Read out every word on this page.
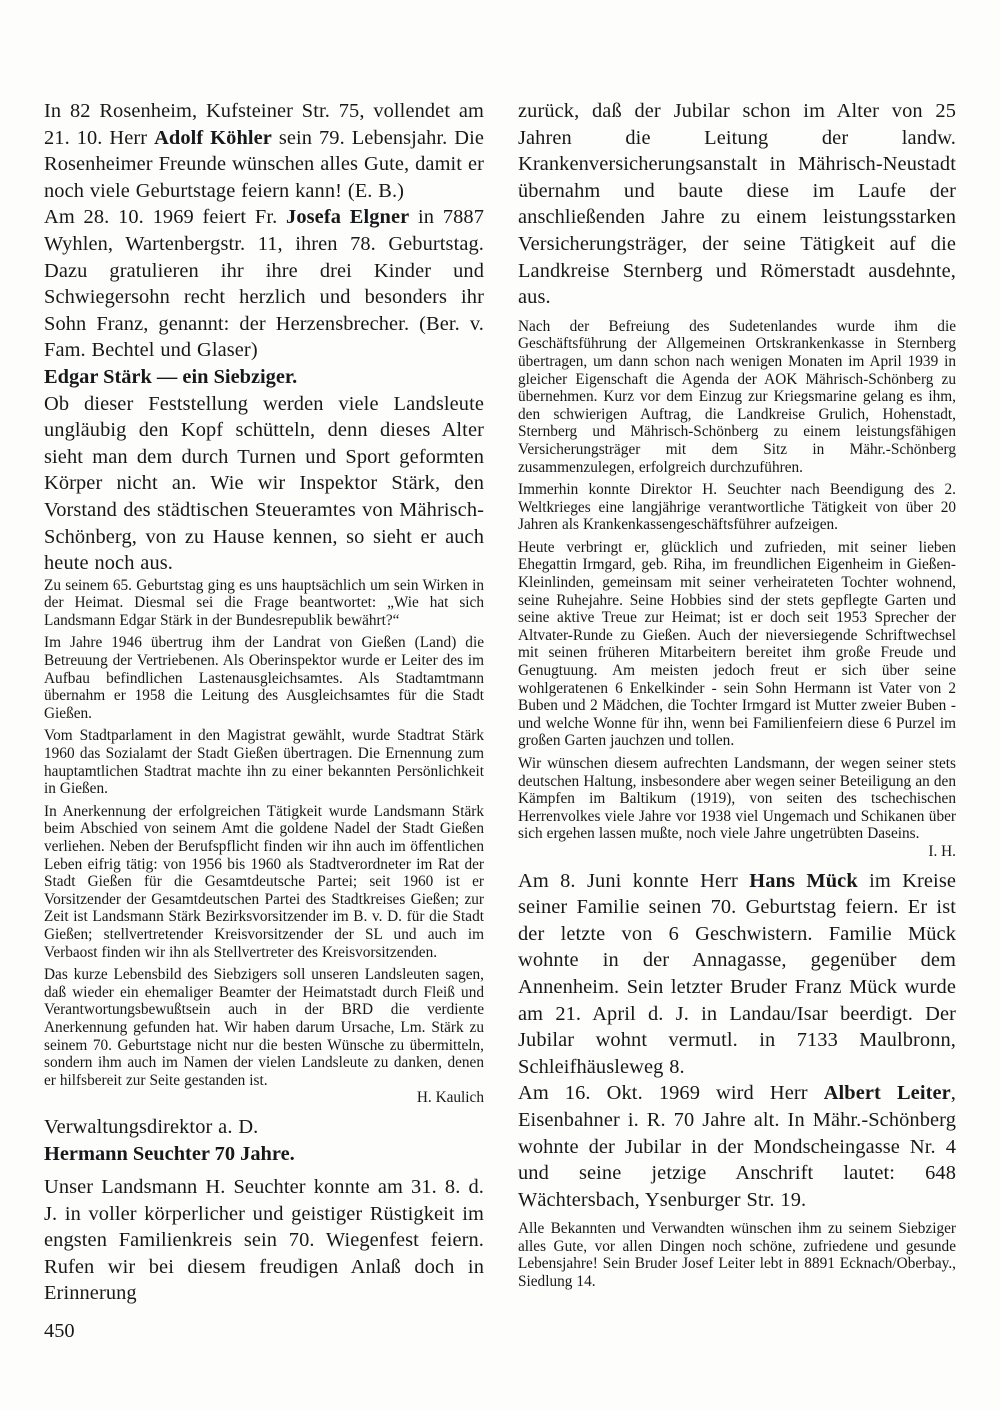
In 82 Rosenheim, Kufsteiner Str. 75, vollendet am 21. 10. Herr Adolf Köhler sein 79. Lebensjahr. Die Rosenheimer Freunde wünschen alles Gute, damit er noch viele Geburtstage feiern kann! (E. B.)

Am 28. 10. 1969 feiert Fr. Josefa Elgner in 7887 Wyhlen, Wartenbergstr. 11, ihren 78. Geburtstag. Dazu gratulieren ihr ihre drei Kinder und Schwiegersohn recht herzlich und besonders ihr Sohn Franz, genannt: der Herzensbrecher. (Ber. v. Fam. Bechtel und Glaser)

Edgar Stärk — ein Siebziger.

Ob dieser Feststellung werden viele Landsleute ungläubig den Kopf schütteln, denn dieses Alter sieht man dem durch Turnen und Sport geformten Körper nicht an. Wie wir Inspektor Stärk, den Vorstand des städtischen Steueramtes von Mährisch-Schönberg, von zu Hause kennen, so sieht er auch heute noch aus.

Zu seinem 65. Geburtstag ging es uns hauptsächlich um sein Wirken in der Heimat. Diesmal sei die Frage beantwortet: „Wie hat sich Landsmann Edgar Stärk in der Bundesrepublik bewährt?“

Im Jahre 1946 übertrug ihm der Landrat von Gießen (Land) die Betreuung der Vertriebenen. Als Oberinspektor wurde er Leiter des im Aufbau befindlichen Lastenausgleichsamtes. Als Stadtamtmann übernahm er 1958 die Leitung des Ausgleichsamtes für die Stadt Gießen.

Vom Stadtparlament in den Magistrat gewählt, wurde Stadtrat Stärk 1960 das Sozialamt der Stadt Gießen übertragen. Die Ernennung zum hauptamtlichen Stadtrat machte ihn zu einer bekannten Persönlichkeit in Gießen.

In Anerkennung der erfolgreichen Tätigkeit wurde Landsmann Stärk beim Abschied von seinem Amt die goldene Nadel der Stadt Gießen verliehen. Neben der Berufspflicht finden wir ihn auch im öffentlichen Leben eifrig tätig: von 1956 bis 1960 als Stadtverordneter im Rat der Stadt Gießen für die Gesamtdeutsche Partei; seit 1960 ist er Vorsitzender der Gesamtdeutschen Partei des Stadtkreises Gießen; zur Zeit ist Landsmann Stärk Bezirksvorsitzender im B. v. D. für die Stadt Gießen; stellvertretender Kreisvorsitzender der SL und auch im Verbaost finden wir ihn als Stellvertreter des Kreisvorsitzenden.

Das kurze Lebensbild des Siebzigers soll unseren Landsleuten sagen, daß wieder ein ehemaliger Beamter der Heimatstadt durch Fleiß und Verantwortungsbewußtsein auch in der BRD die verdiente Anerkennung gefunden hat. Wir haben darum Ursache, Lm. Stärk zu seinem 70. Geburtstage nicht nur die besten Wünsche zu übermitteln, sondern ihm auch im Namen der vielen Landsleute zu danken, denen er hilfsbereit zur Seite gestanden ist.

H. Kaulich

Verwaltungsdirektor a. D.

Hermann Seuchter 70 Jahre.

Unser Landsmann H. Seuchter konnte am 31. 8. d. J. in voller körperlicher und geistiger Rüstigkeit im engsten Familienkreis sein 70. Wiegenfest feiern. Rufen wir bei diesem freudigen Anlaß doch in Erinnerung

zurück, daß der Jubilar schon im Alter von 25 Jahren die Leitung der landw. Krankenversicherungsanstalt in Mährisch-Neustadt übernahm und baute diese im Laufe der anschließenden Jahre zu einem leistungsstarken Versicherungsträger, der seine Tätigkeit auf die Landkreise Sternberg und Römerstadt ausdehnte, aus.

Nach der Befreiung des Sudetenlandes wurde ihm die Geschäftsführung der Allgemeinen Ortskrankenkasse in Sternberg übertragen, um dann schon nach wenigen Monaten im April 1939 in gleicher Eigenschaft die Agenda der AOK Mährisch-Schönberg zu übernehmen. Kurz vor dem Einzug zur Kriegsmarine gelang es ihm, den schwierigen Auftrag, die Landkreise Grulich, Hohenstadt, Sternberg und Mährisch-Schönberg zu einem leistungsfähigen Versicherungsträger mit dem Sitz in Mähr.-Schönberg zusammenzulegen, erfolgreich durchzuführen.

Immerhin konnte Direktor H. Seuchter nach Beendigung des 2. Weltkrieges eine langjährige verantwortliche Tätigkeit von über 20 Jahren als Krankenkassengeschäftsführer aufzeigen.

Heute verbringt er, glücklich und zufrieden, mit seiner lieben Ehegattin Irmgard, geb. Riha, im freundlichen Eigenheim in Gießen-Kleinlinden, gemeinsam mit seiner verheirateten Tochter wohnend, seine Ruhejahre. Seine Hobbies sind der stets gepflegte Garten und seine aktive Treue zur Heimat; ist er doch seit 1953 Sprecher der Altvater-Runde zu Gießen. Auch der nieversiegende Schriftwechsel mit seinen früheren Mitarbeitern bereitet ihm große Freude und Genugtuung. Am meisten jedoch freut er sich über seine wohlgeratenen 6 Enkelkinder - sein Sohn Hermann ist Vater von 2 Buben und 2 Mädchen, die Tochter Irmgard ist Mutter zweier Buben - und welche Wonne für ihn, wenn bei Familienfeiern diese 6 Purzel im großen Garten jauchzen und tollen.

Wir wünschen diesem aufrechten Landsmann, der wegen seiner stets deutschen Haltung, insbesondere aber wegen seiner Beteiligung an den Kämpfen im Baltikum (1919), von seiten des tschechischen Herrenvolkes viele Jahre vor 1938 viel Ungemach und Schikanen über sich ergehen lassen mußte, noch viele Jahre ungetrübten Daseins.

I. H.

Am 8. Juni konnte Herr Hans Mück im Kreise seiner Familie seinen 70. Geburtstag feiern. Er ist der letzte von 6 Geschwistern. Familie Mück wohnte in der Annagasse, gegenüber dem Annenheim. Sein letzter Bruder Franz Mück wurde am 21. April d. J. in Landau/Isar beerdigt. Der Jubilar wohnt vermutl. in 7133 Maulbronn, Schleifhäusleweg 8.

Am 16. Okt. 1969 wird Herr Albert Leiter, Eisenbahner i. R. 70 Jahre alt. In Mähr.-Schönberg wohnte der Jubilar in der Mondscheingasse Nr. 4 und seine jetzige Anschrift lautet: 648 Wächtersbach, Ysenburger Str. 19.

Alle Bekannten und Verwandten wünschen ihm zu seinem Siebziger alles Gute, vor allen Dingen noch schöne, zufriedene und gesunde Lebensjahre! Sein Bruder Josef Leiter lebt in 8891 Ecknach/Oberbay., Siedlung 14.

450
